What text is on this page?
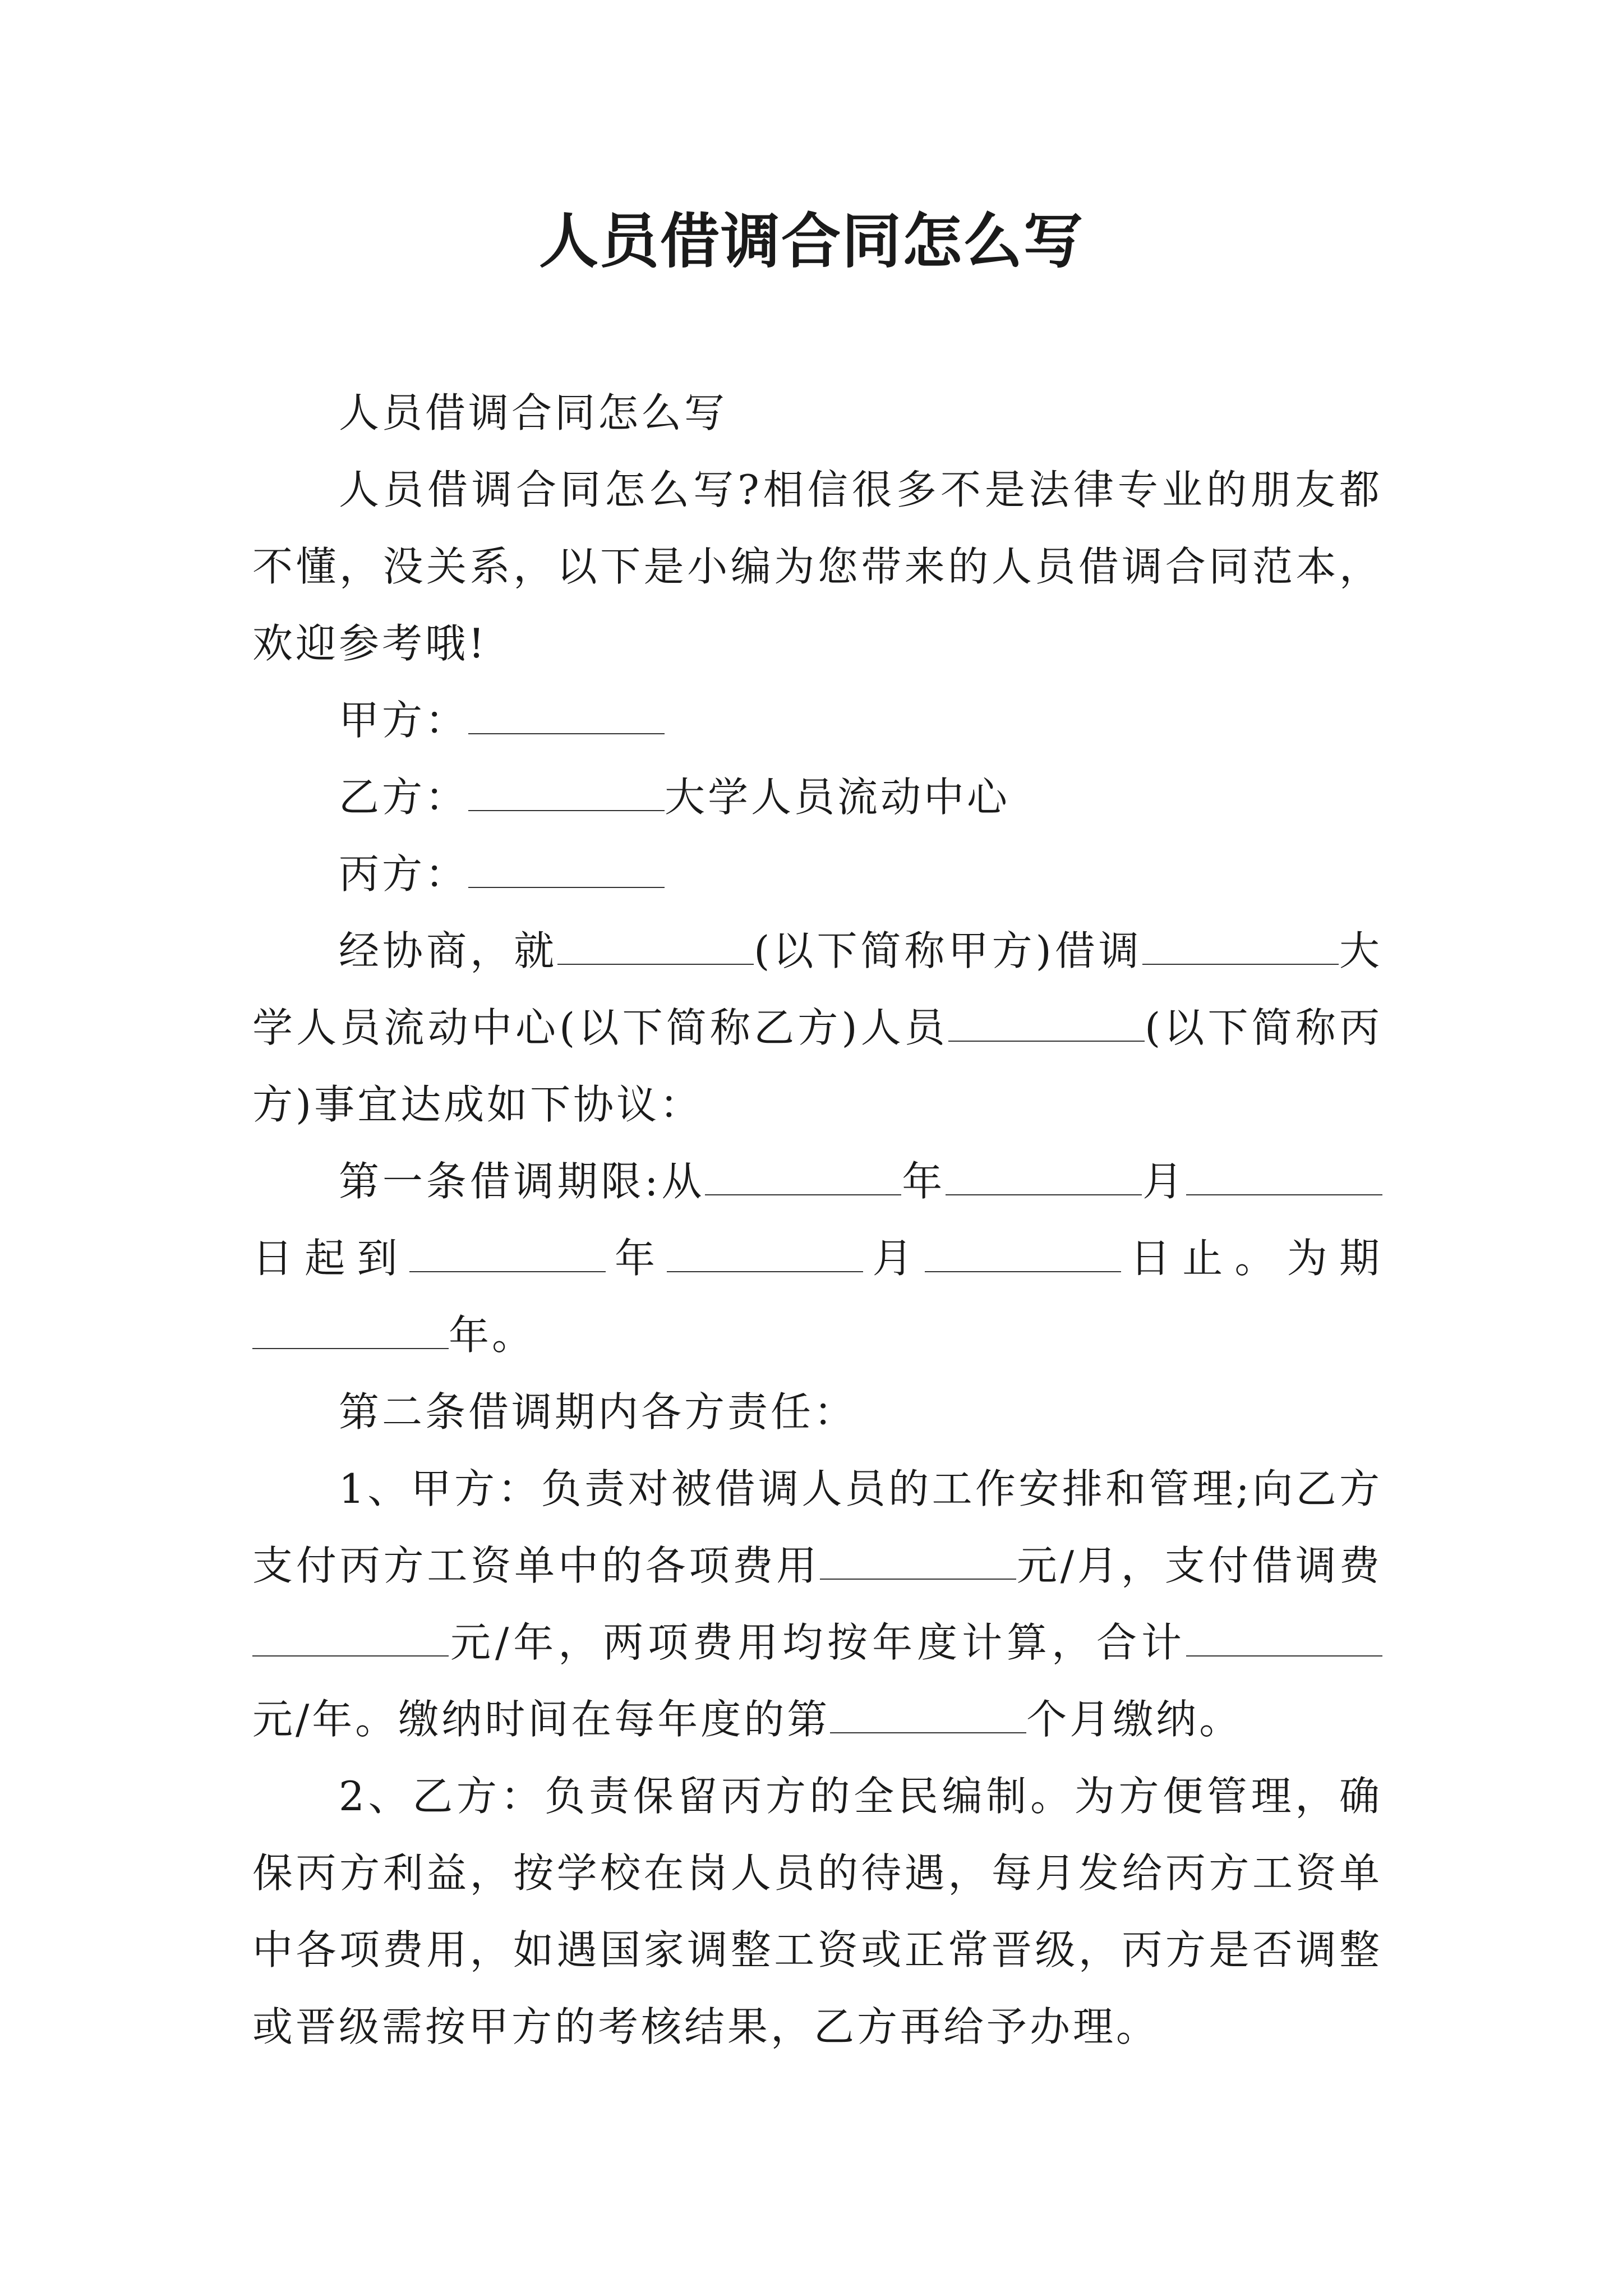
人员借调合同怎么写

人员借调合同怎么写

人员借调合同怎么写?相信很多不是法律专业的朋友都不懂，没关系，以下是小编为您带来的人员借调合同范本，欢迎参考哦!

甲方：

乙方：	大学人员流动中心

丙方：

经协商，就	(以下简称甲方)借调	大学人员流动中心(以下简称乙方)人员	(以下简称丙方)事宜达成如下协议：

第一条借调期限:从	年	月日起到	年	月	日止。为期年。

第二条借调期内各方责任：

1、甲方：负责对被借调人员的工作安排和管理;向乙方支付丙方工资单中的各项费用	元/月，支付借调费元/年，两项费用均按年度计算，合计元/年。缴纳时间在每年度的第	个月缴纳。

2、乙方：负责保留丙方的全民编制。为方便管理，确保丙方利益，按学校在岗人员的待遇，每月发给丙方工资单中各项费用，如遇国家调整工资或正常晋级，丙方是否调整或晋级需按甲方的考核结果，乙方再给予办理。
